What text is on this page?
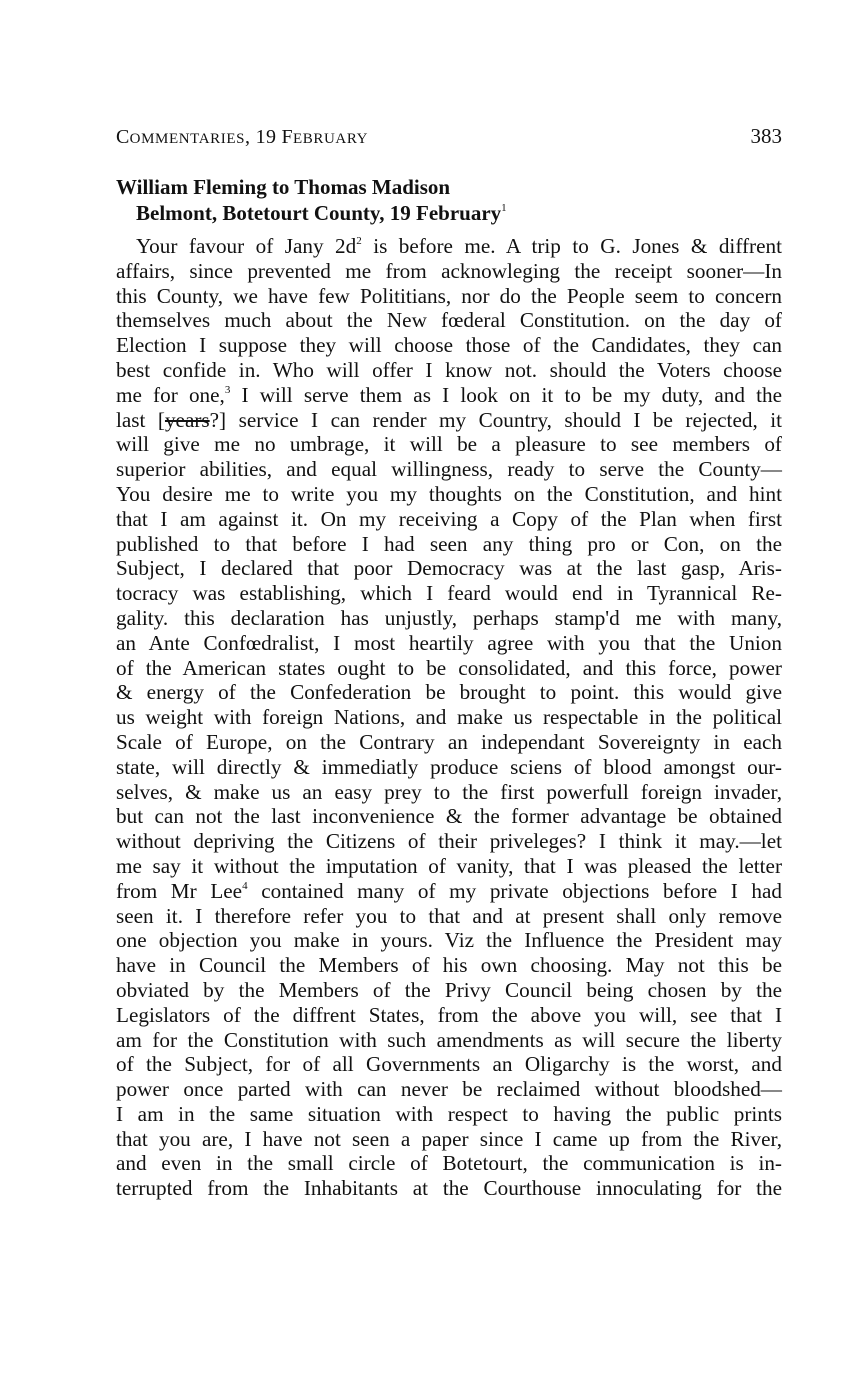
COMMENTARIES, 19 FEBRUARY	383
William Fleming to Thomas Madison
Belmont, Botetourt County, 19 February$^1$
Your favour of Jany $2d^2$ is before me. A trip to G. Jones & diffrent
affairs, since prevented me from acknowleging the receipt sooner—In
this County, we have few Polititians, nor do the People seem to concern
themselves much about the New fœderal Constitution. on the day of
Election I suppose they will choose those of the Candidates, they can
best confide in. Who will offer I know not. should the Voters choose
me for one,$^3$ I will serve them as I look on it to be my duty, and the
last [years?] service I can render my Country, should I be rejected, it
will give me no umbrage, it will be a pleasure to see members of
superior abilities, and equal willingness, ready to serve the County—
You desire me to write you my thoughts on the Constitution, and hint
that I am against it. On my receiving a Copy of the Plan when first
published to that before I had seen any thing pro or Con, on the
Subject, I declared that poor Democracy was at the last gasp, Aris-
tocracy was establishing, which I feard would end in Tyrannical Re-
gality. this declaration has unjustly, perhaps stamp'd me with many,
an Ante Confœdralist, I most heartily agree with you that the Union
of the American states ought to be consolidated, and this force, power
& energy of the Confederation be brought to point. this would give
us weight with foreign Nations, and make us respectable in the political
Scale of Europe, on the Contrary an independant Sovereignty in each
state, will directly & immediatly produce sciens of blood amongst our-
selves, & make us an easy prey to the first powerfull foreign invader,
but can not the last inconvenience & the former advantage be obtained
without depriving the Citizens of their priveleges? I think it may.—let
me say it without the imputation of vanity, that I was pleased the letter
from Mr Lee$^4$ contained many of my private objections before I had
seen it. I therefore refer you to that and at present shall only remove
one objection you make in yours. Viz the Influence the President may
have in Council the Members of his own choosing. May not this be
obviated by the Members of the Privy Council being chosen by the
Legislators of the diffrent States, from the above you will, see that I
am for the Constitution with such amendments as will secure the liberty
of the Subject, for of all Governments an Oligarchy is the worst, and
power once parted with can never be reclaimed without bloodshed—
I am in the same situation with respect to having the public prints
that you are, I have not seen a paper since I came up from the River,
and even in the small circle of Botetourt, the communication is in-
terrupted from the Inhabitants at the Courthouse innoculating for the
